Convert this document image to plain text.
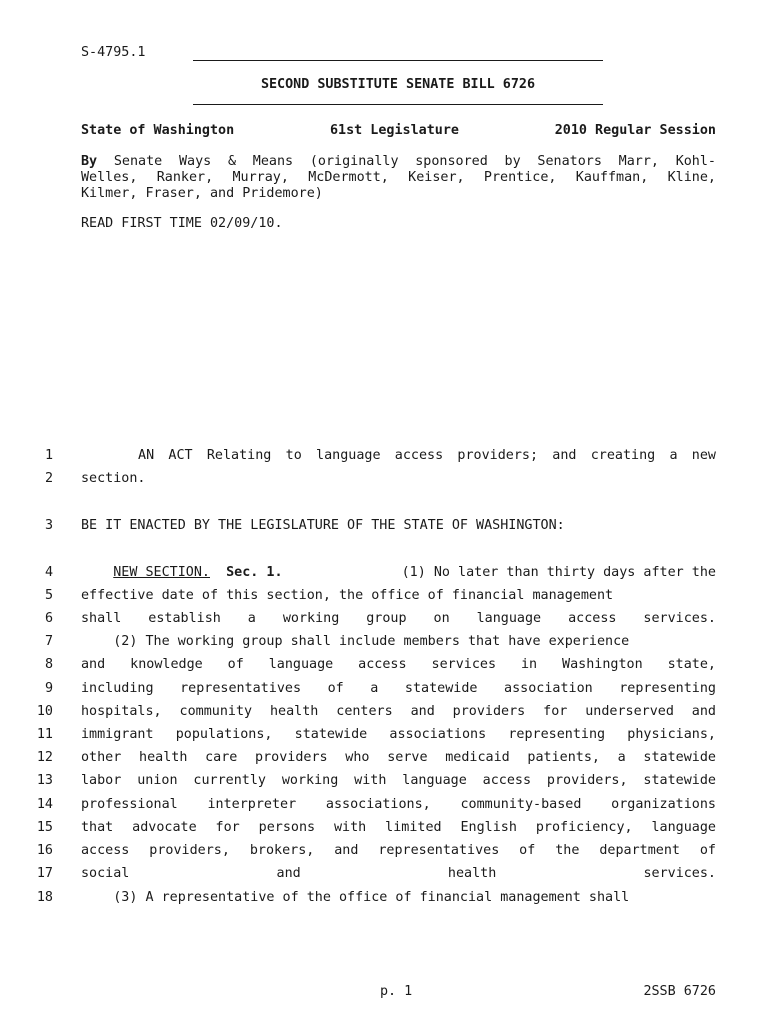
S-4795.1
SECOND SUBSTITUTE SENATE BILL 6726
State of Washington	61st Legislature	2010 Regular Session
By Senate Ways & Means (originally sponsored by Senators Marr, Kohl-
Welles, Ranker, Murray, McDermott, Keiser, Prentice, Kauffman, Kline,
Kilmer, Fraser, and Pridemore)
READ FIRST TIME 02/09/10.
1 AN ACT Relating to language access providers; and creating a new
2 section.
3 BE IT ENACTED BY THE LEGISLATURE OF THE STATE OF WASHINGTON:
4	NEW SECTION. Sec. 1.	(1) No later than thirty days after the
5 effective date of this section, the office of financial management
6 shall establish a working group on language access services.
7 (2) The working group shall include members that have experience
8 and knowledge of language access services in Washington state,
9 including representatives of a statewide association representing
10 hospitals, community health centers and providers for underserved and
11 immigrant populations, statewide associations representing physicians,
12 other health care providers who serve medicaid patients, a statewide
13 labor union currently working with language access providers, statewide
14 professional interpreter associations, community-based organizations
15 that advocate for persons with limited English proficiency, language
16 access providers, brokers, and representatives of the department of
17 social and health services.
18 (3) A representative of the office of financial management shall
p. 1	2SSB 6726
